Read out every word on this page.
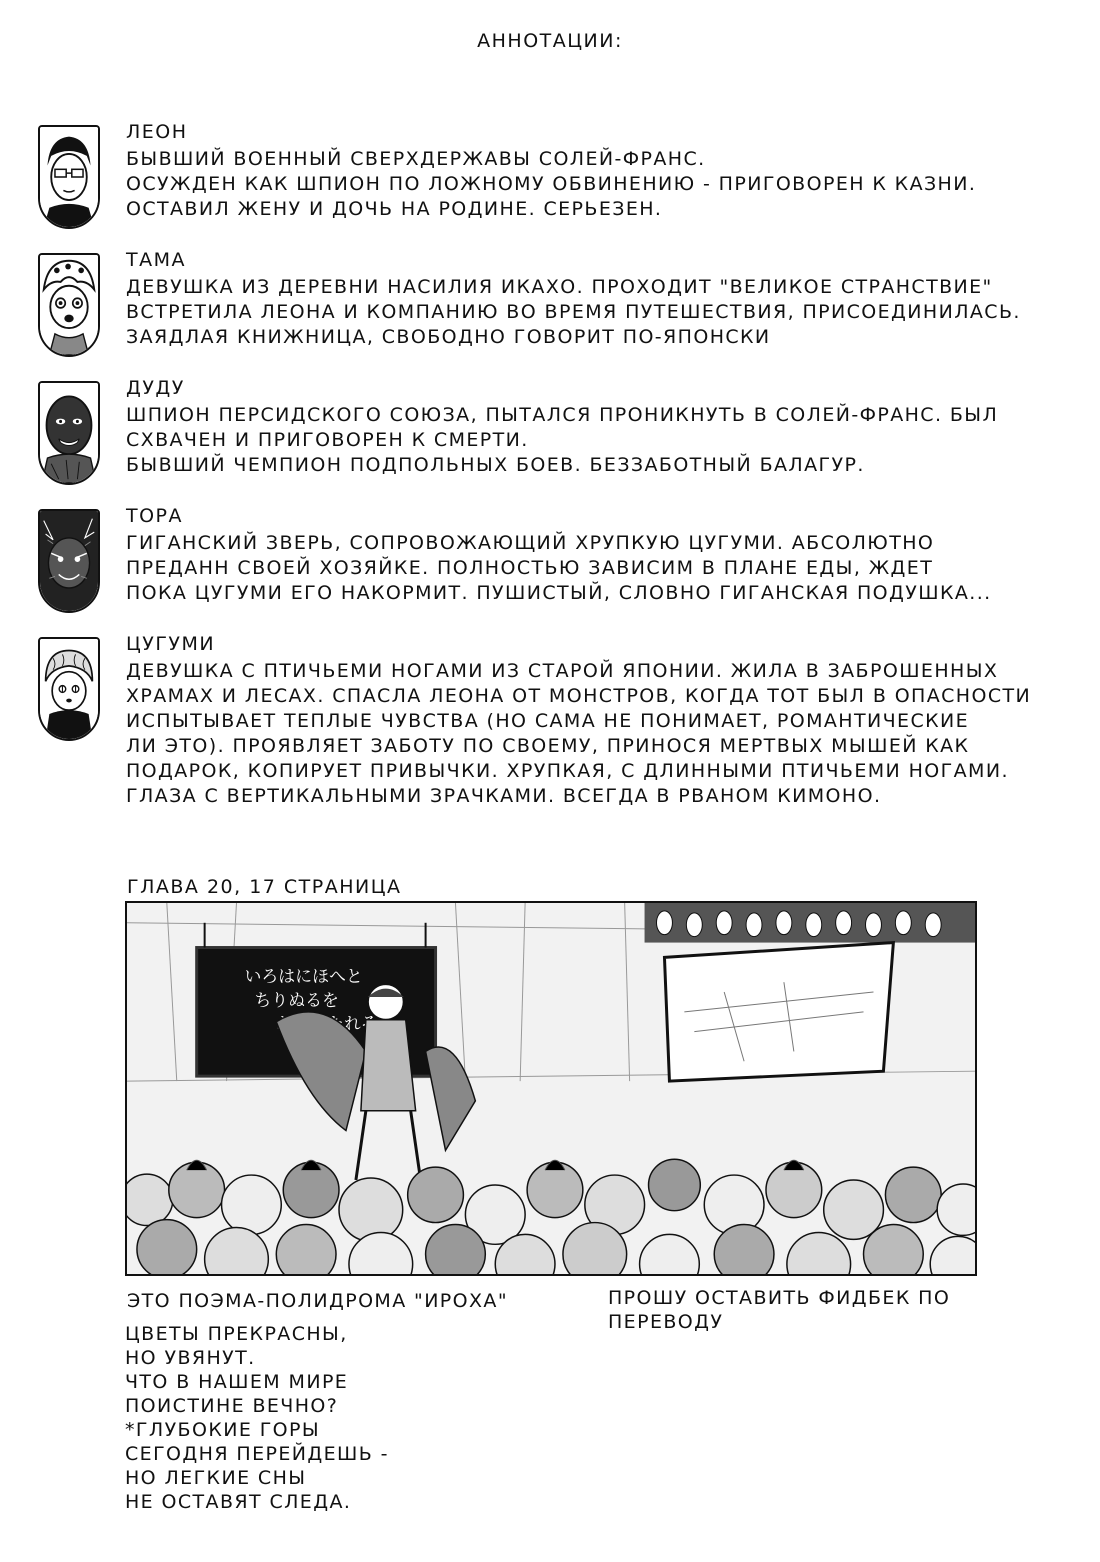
АННОТАЦИИ:
ЛЕОН
БЫВШИЙ ВОЕННЫЙ СВЕРХДЕРЖАВЫ СОЛЕЙ-ФРАНС.
ОСУЖДЕН КАК ШПИОН ПО ЛОЖНОМУ ОБВИНЕНИЮ - ПРИГОВОРЕН К КАЗНИ.
ОСТАВИЛ ЖЕНУ И ДОЧЬ НА РОДИНЕ. СЕРЬЕЗЕН.
ТАМА
ДЕВУШКА ИЗ ДЕРЕВНИ НАСИЛИЯ ИКАХО. ПРОХОДИТ "ВЕЛИКОЕ СТРАНСТВИЕ"
ВСТРЕТИЛА ЛЕОНА И КОМПАНИЮ ВО ВРЕМЯ ПУТЕШЕСТВИЯ, ПРИСОЕДИНИЛАСЬ.
ЗАЯДЛАЯ КНИЖНИЦА, СВОБОДНО ГОВОРИТ ПО-ЯПОНСКИ
ДУДУ
ШПИОН ПЕРСИДСКОГО СОЮЗА, ПЫТАЛСЯ ПРОНИКНУТЬ В СОЛЕЙ-ФРАНС. БЫЛ
СХВАЧЕН И ПРИГОВОРЕН К СМЕРТИ.
БЫВШИЙ ЧЕМПИОН ПОДПОЛЬНЫХ БОЕВ. БЕЗЗАБОТНЫЙ БАЛАГУР.
ТОРА
ГИГАНСКИЙ ЗВЕРЬ, СОПРОВОЖАЮЩИЙ ХРУПКУЮ ЦУГУМИ. АБСОЛЮТНО
ПРЕДАНН СВОЕЙ ХОЗЯЙКЕ. ПОЛНОСТЬЮ ЗАВИСИМ В ПЛАНЕ ЕДЫ, ЖДЕТ
ПОКА ЦУГУМИ ЕГО НАКОРМИТ. ПУШИСТЫЙ, СЛОВНО ГИГАНСКАЯ ПОДУШКА...
ЦУГУМИ
ДЕВУШКА С ПТИЧЬЕМИ НОГАМИ ИЗ СТАРОЙ ЯПОНИИ. ЖИЛА В ЗАБРОШЕННЫХ
ХРАМАХ И ЛЕСАХ. СПАСЛА ЛЕОНА ОТ МОНСТРОВ, КОГДА ТОТ БЫЛ В ОПАСНОСТИ
ИСПЫТЫВАЕТ ТЕПЛЫЕ ЧУВСТВА (НО САМА НЕ ПОНИМАЕТ, РОМАНТИЧЕСКИЕ
ЛИ ЭТО). ПРОЯВЛЯЕТ ЗАБОТУ ПО СВОЕМУ, ПРИНОСЯ МЕРТВЫХ МЫШЕЙ КАК
ПОДАРОК, КОПИРУЕТ ПРИВЫЧКИ. ХРУПКАЯ, С ДЛИННЫМИ ПТИЧЬЕМИ НОГАМИ.
ГЛАЗА С ВЕРТИКАЛЬНЫМИ ЗРАЧКАМИ. ВСЕГДА В РВАНОМ КИМОНО.
ГЛАВА 20, 17 СТРАНИЦА
いろはにほへと
ちりぬるを
ЭТО ПОЭМА-ПОЛИДРОМА "ИРОХА"
ЦВЕТЫ ПРЕКРАСНЫ,
НО УВЯНУТ.
ЧТО В НАШЕМ МИРЕ
ПОИСТИНЕ ВЕЧНО?
*ГЛУБОКИЕ ГОРЫ
СЕГОДНЯ ПЕРЕЙДЕШЬ -
НО ЛЕГКИЕ СНЫ
НЕ ОСТАВЯТ СЛЕДА.
ПРОШУ ОСТАВИТЬ ФИДБЕК ПО
ПЕРЕВОДУ
